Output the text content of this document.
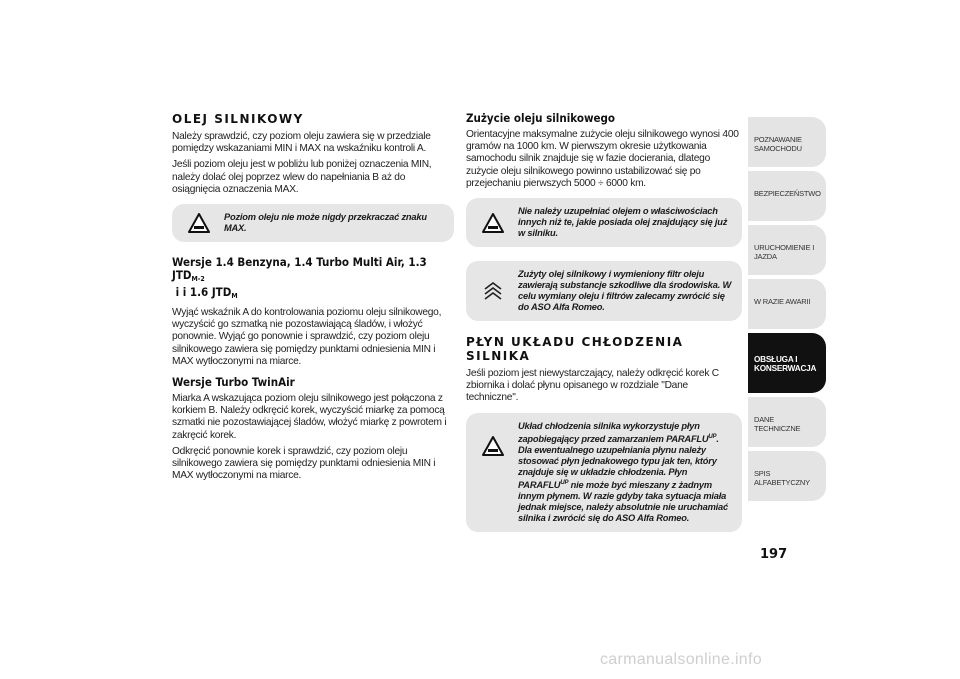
OLEJ SILNIKOWY

Należy sprawdzić, czy poziom oleju zawiera się w przedziale pomiędzy wskazaniami MIN i MAX na wskaźniku kontroli A.

Jeśli poziom oleju jest w pobliżu lub poniżej oznaczenia MIN, należy dolać olej poprzez wlew do napełniania B aż do osiągnięcia oznaczenia MAX.

Poziom oleju nie może nigdy przekraczać znaku MAX.
Wersje 1.4 Benzyna, 1.4 Turbo Multi Air, 1.3 $JTD_{M-2}$
i i 1.6 $JTD_M$

Wyjąć wskaźnik A do kontrolowania poziomu oleju silnikowego, wyczyścić go szmatką nie pozostawiającą śladów, i włożyć ponownie. Wyjąć go ponownie i sprawdzić, czy poziom oleju silnikowego zawiera się pomiędzy punktami odniesienia MIN i MAX wytłoczonymi na miarce.

Wersje Turbo TwinAir

Miarka A wskazująca poziom oleju silnikowego jest połączona z korkiem B. Należy odkręcić korek, wyczyścić miarkę za pomocą szmatki nie pozostawiającej śladów, włożyć miarkę z powrotem i zakręcić korek.

Odkręcić ponownie korek i sprawdzić, czy poziom oleju silnikowego zawiera się pomiędzy punktami odniesienia MIN i MAX wytłoczonymi na miarce.

Zużycie oleju silnikowego

Orientacyjne maksymalne zużycie oleju silnikowego wynosi 400 gramów na 1000 km. W pierwszym okresie użytkowania samochodu silnik znajduje się w fazie docierania, dlatego zużycie oleju silnikowego powinno ustabilizować się po przejechaniu pierwszych 5000 ÷ 6000 km.

Nie należy uzupełniać olejem o właściwościach innych niż te, jakie posiada olej znajdujący się już w silniku.
Zużyty olej silnikowy i wymieniony filtr oleju zawierają substancje szkodliwe dla środowiska. W celu wymiany oleju i filtrów zalecamy zwrócić się do ASO Alfa Romeo.
PŁYN UKŁADU CHŁODZENIA SILNIKA

Jeśli poziom jest niewystarczający, należy odkręcić korek C zbiornika i dolać płynu opisanego w rozdziale "Dane techniczne".

Układ chłodzenia silnika wykorzystuje płyn zapobiegający przed zamarzaniem $PARAFLU^{UP}$. Dla ewentualnego uzupełniania płynu należy stosować płyn jednakowego typu jak ten, który znajduje się w układzie chłodzenia. Płyn $PARAFLU^{UP}$ nie może być mieszany z żadnym innym płynem. W razie gdyby taka sytuacja miała jednak miejsce, należy absolutnie nie uruchamiać silnika i zwrócić się do ASO Alfa Romeo.
POZNAWANIE SAMOCHODU
BEZPIECZEŃSTWO
URUCHOMIENIE I JAZDA
W RAZIE AWARII
OBSŁUGA I KONSERWACJA
DANE TECHNICZNE
SPIS ALFABETYCZNY
197
carmanualsonline.info
